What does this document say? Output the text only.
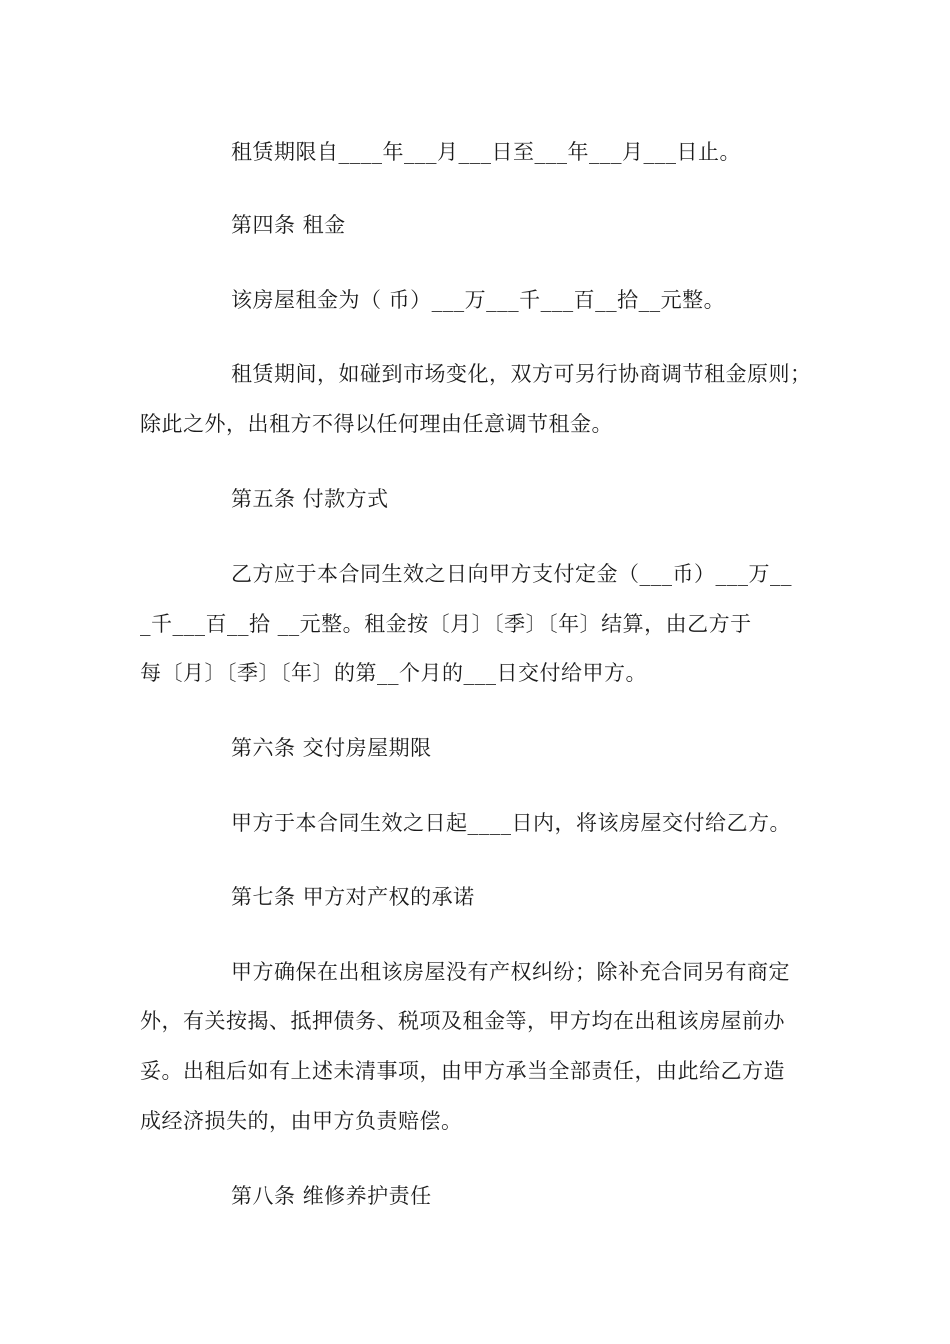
租赁期限自____年___月___日至___年___月___日止。
第四条 租金
该房屋租金为（ 币）___万___千___百__拾__元整。
租赁期间，如碰到市场变化，双方可另行协商调节租金原则；
除此之外，出租方不得以任何理由任意调节租金。
第五条 付款方式
乙方应于本合同生效之日向甲方支付定金（___币）___万__
_千___百__拾 __元整。租金按〔月〕〔季〕〔年〕结算，由乙方于
每〔月〕〔季〕〔年〕的第__个月的___日交付给甲方。
第六条 交付房屋期限
甲方于本合同生效之日起____日内，将该房屋交付给乙方。
第七条 甲方对产权的承诺
甲方确保在出租该房屋没有产权纠纷；除补充合同另有商定
外，有关按揭、抵押债务、税项及租金等，甲方均在出租该房屋前办
妥。出租后如有上述未清事项，由甲方承当全部责任，由此给乙方造
成经济损失的，由甲方负责赔偿。
第八条 维修养护责任
